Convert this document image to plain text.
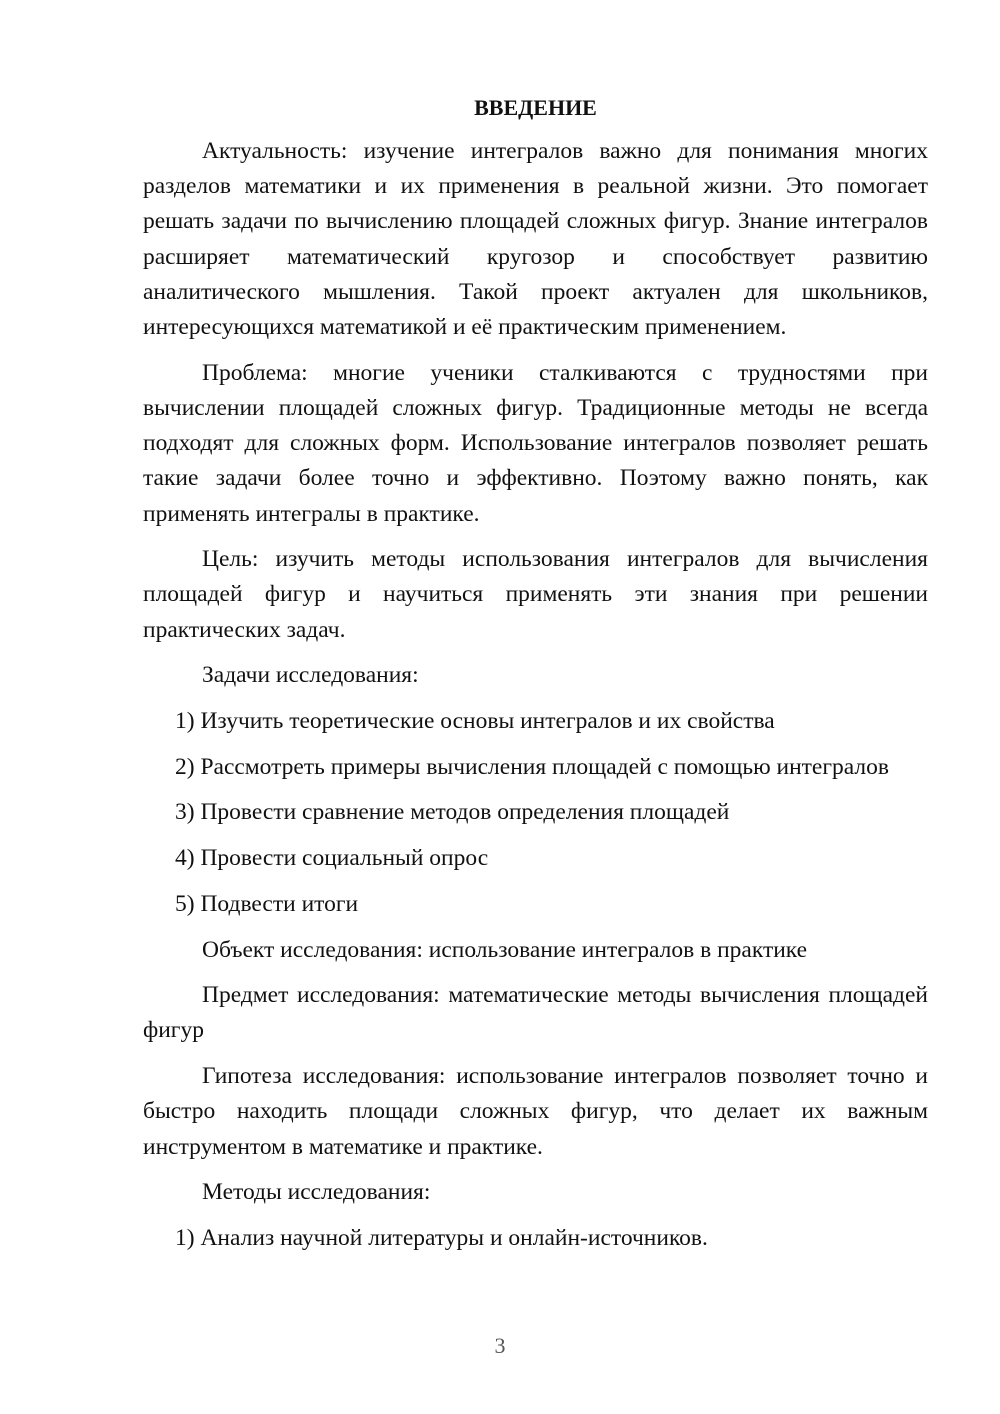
ВВЕДЕНИЕ

Актуальность: изучение интегралов важно для понимания многих разделов математики и их применения в реальной жизни. Это помогает решать задачи по вычислению площадей сложных фигур. Знание интегралов расширяет математический кругозор и способствует развитию аналитического мышления. Такой проект актуален для школьников, интересующихся математикой и её практическим применением.

Проблема: многие ученики сталкиваются с трудностями при вычислении площадей сложных фигур. Традиционные методы не всегда подходят для сложных форм. Использование интегралов позволяет решать такие задачи более точно и эффективно. Поэтому важно понять, как применять интегралы в практике.

Цель: изучить методы использования интегралов для вычисления площадей фигур и научиться применять эти знания при решении практических задач.

Задачи исследования:

1) Изучить теоретические основы интегралов и их свойства

2) Рассмотреть примеры вычисления площадей с помощью интегралов

3) Провести сравнение методов определения площадей

4) Провести социальный опрос

5) Подвести итоги

Объект исследования: использование интегралов в практике

Предмет исследования: математические методы вычисления площадей фигур

Гипотеза исследования: использование интегралов позволяет точно и быстро находить площади сложных фигур, что делает их важным инструментом в математике и практике.

Методы исследования:

1) Анализ научной литературы и онлайн-источников.

3
